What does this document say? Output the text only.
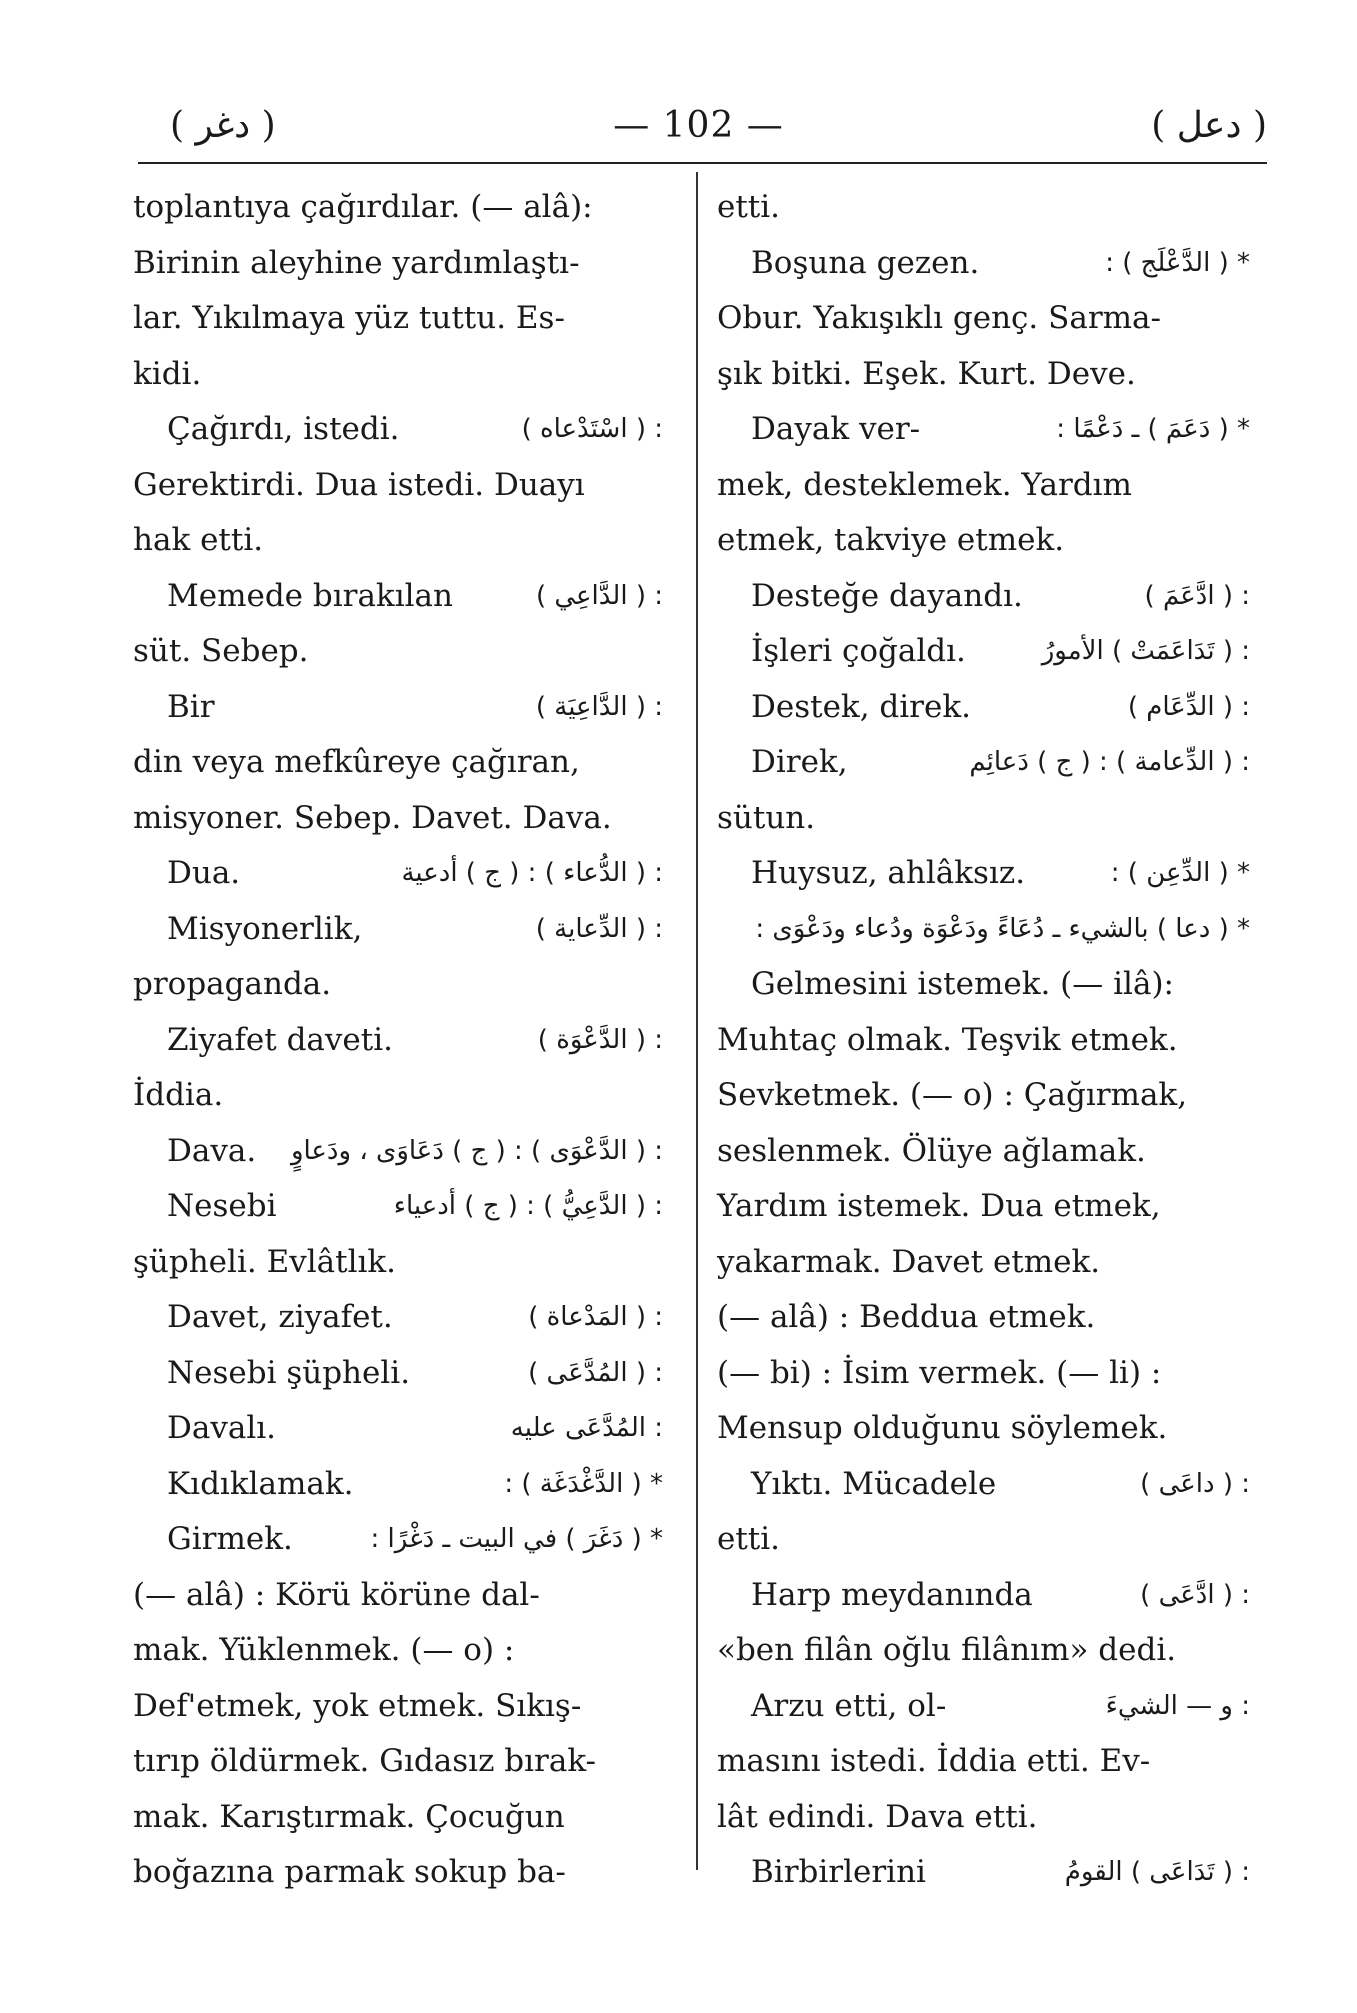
( دغر )	— 102 —	( دعل )
toplantıya çağırdılar. (— alâ):
Birinin aleyhine yardımlaştı-
lar. Yıkılmaya yüz tuttu. Es-
kidi.
Çağırdı, istedi.	: ( اسْتَدْعاه )
Gerektirdi. Dua istedi. Duayı
hak etti.
Memede bırakılan	: ( الدَّاعِي )
süt. Sebep.
Bir	: ( الدَّاعِيَة )
din veya mefkûreye çağıran,
misyoner. Sebep. Davet. Dava.
Dua.	: ( الدُّعاء ) : ( ج ) أدعية
Misyonerlik,	: ( الدِّعاية )
propaganda.
Ziyafet daveti.	: ( الدَّعْوَة )
İddia.
Dava. : ( الدَّعْوَى ) : ( ج ) دَعَاوَى ، ودَعاوٍ
Nesebi	: ( الدَّعِيُّ ) : ( ج ) أدعياء
şüpheli. Evlâtlık.
Davet, ziyafet.	: ( المَدْعاة )
Nesebi şüpheli.	: ( المُدَّعَى )
Davalı.	: المُدَّعَى عليه
Kıdıklamak.	* ( الدَّغْدَغَة ) :
Girmek.	* ( دَغَرَ ) في البيت ـ دَغْرًا :
(— alâ) : Körü körüne dal-
mak. Yüklenmek. (— o) :
Def'etmek, yok etmek. Sıkış-
tırıp öldürmek. Gıdasız bırak-
mak. Karıştırmak. Çocuğun
boğazına parmak sokup ba-
etti.
Boşuna gezen.	* ( الدَّعْلَج ) :
Obur. Yakışıklı genç. Sarma-
şık bitki. Eşek. Kurt. Deve.
Dayak ver-	* ( دَعَمَ ) ـ دَعْمًا :
mek, desteklemek. Yardım
etmek, takviye etmek.
Desteğe dayandı.	: ( ادَّعَمَ )
İşleri çoğaldı.	: ( تَدَاعَمَتْ ) الأمورُ
Destek, direk.	: ( الدِّعَام )
Direk,	: ( الدِّعامة ) : ( ج ) دَعائِم
sütun.
Huysuz, ahlâksız.	* ( الدِّعِن ) :
* ( دعا ) بالشيء ـ دُعَاءً ودَعْوَة ودُعاء ودَعْوَى :
Gelmesini istemek. (— ilâ):
Muhtaç olmak. Teşvik etmek.
Sevketmek. (— o) : Çağırmak,
seslenmek. Ölüye ağlamak.
Yardım istemek. Dua etmek,
yakarmak. Davet etmek.
(— alâ) : Beddua etmek.
(— bi) : İsim vermek. (— li) :
Mensup olduğunu söylemek.
Yıktı. Mücadele	: ( داعَى )
etti.
Harp meydanında	: ( ادَّعَى )
«ben filân oğlu filânım» dedi.
Arzu etti, ol-	: و — الشيءَ
masını istedi. İddia etti. Ev-
lât edindi. Dava etti.
Birbirlerini	: ( تَدَاعَى ) القومُ
